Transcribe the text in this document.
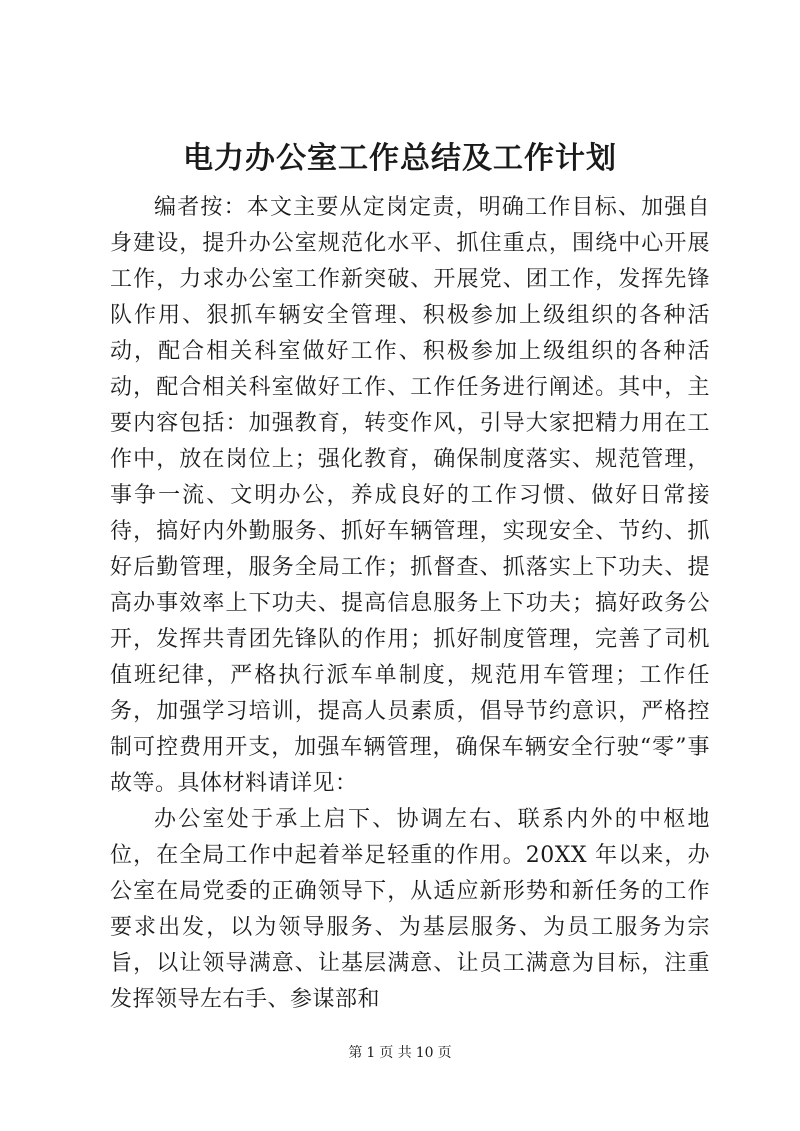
电力办公室工作总结及工作计划

编者按：本文主要从定岗定责，明确工作目标、加强自身建设，提升办公室规范化水平、抓住重点，围绕中心开展工作，力求办公室工作新突破、开展党、团工作，发挥先锋队作用、狠抓车辆安全管理、积极参加上级组织的各种活动，配合相关科室做好工作、积极参加上级组织的各种活动，配合相关科室做好工作、工作任务进行阐述。其中，主要内容包括：加强教育，转变作风，引导大家把精力用在工作中，放在岗位上；强化教育，确保制度落实、规范管理，事争一流、文明办公，养成良好的工作习惯、做好日常接待，搞好内外勤服务、抓好车辆管理，实现安全、节约、抓好后勤管理，服务全局工作；抓督查、抓落实上下功夫、提高办事效率上下功夫、提高信息服务上下功夫；搞好政务公开，发挥共青团先锋队的作用；抓好制度管理，完善了司机值班纪律，严格执行派车单制度，规范用车管理；工作任务，加强学习培训，提高人员素质，倡导节约意识，严格控制可控费用开支，加强车辆管理，确保车辆安全行驶“零”事故等。具体材料请详见：

办公室处于承上启下、协调左右、联系内外的中枢地位，在全局工作中起着举足轻重的作用。20XX 年以来，办公室在局党委的正确领导下，从适应新形势和新任务的工作要求出发，以为领导服务、为基层服务、为员工服务为宗旨，以让领导满意、让基层满意、让员工满意为目标，注重发挥领导左右手、参谋部和

第 1 页 共 10 页
